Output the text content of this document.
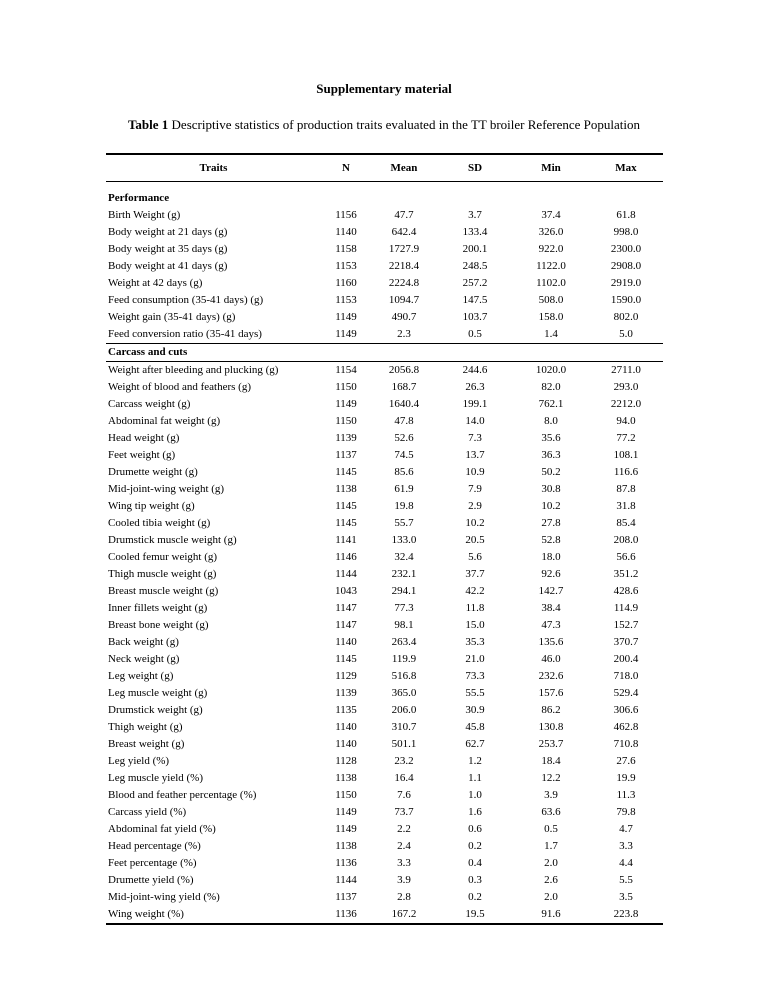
Supplementary material
Table 1 Descriptive statistics of production traits evaluated in the TT broiler Reference Population
Traits	N	Mean	SD	Min	Max
Performance					
Birth Weight (g)	1156	47.7	3.7	37.4	61.8
Body weight at 21 days (g)	1140	642.4	133.4	326.0	998.0
Body weight at 35 days (g)	1158	1727.9	200.1	922.0	2300.0
Body weight at 41 days (g)	1153	2218.4	248.5	1122.0	2908.0
Weight at 42 days (g)	1160	2224.8	257.2	1102.0	2919.0
Feed consumption (35-41 days) (g)	1153	1094.7	147.5	508.0	1590.0
Weight gain (35-41 days) (g)	1149	490.7	103.7	158.0	802.0
Feed conversion ratio (35-41 days)	1149	2.3	0.5	1.4	5.0
Carcass and cuts					
Weight after bleeding and plucking (g)	1154	2056.8	244.6	1020.0	2711.0
Weight of blood and feathers (g)	1150	168.7	26.3	82.0	293.0
Carcass weight (g)	1149	1640.4	199.1	762.1	2212.0
Abdominal fat weight (g)	1150	47.8	14.0	8.0	94.0
Head weight (g)	1139	52.6	7.3	35.6	77.2
Feet weight (g)	1137	74.5	13.7	36.3	108.1
Drumette weight (g)	1145	85.6	10.9	50.2	116.6
Mid-joint-wing weight (g)	1138	61.9	7.9	30.8	87.8
Wing tip weight (g)	1145	19.8	2.9	10.2	31.8
Cooled tibia weight (g)	1145	55.7	10.2	27.8	85.4
Drumstick muscle weight (g)	1141	133.0	20.5	52.8	208.0
Cooled femur weight (g)	1146	32.4	5.6	18.0	56.6
Thigh muscle weight (g)	1144	232.1	37.7	92.6	351.2
Breast muscle weight (g)	1043	294.1	42.2	142.7	428.6
Inner fillets weight (g)	1147	77.3	11.8	38.4	114.9
Breast bone weight (g)	1147	98.1	15.0	47.3	152.7
Back weight (g)	1140	263.4	35.3	135.6	370.7
Neck weight (g)	1145	119.9	21.0	46.0	200.4
Leg weight (g)	1129	516.8	73.3	232.6	718.0
Leg muscle weight (g)	1139	365.0	55.5	157.6	529.4
Drumstick weight (g)	1135	206.0	30.9	86.2	306.6
Thigh weight (g)	1140	310.7	45.8	130.8	462.8
Breast weight (g)	1140	501.1	62.7	253.7	710.8
Leg yield (%)	1128	23.2	1.2	18.4	27.6
Leg muscle yield (%)	1138	16.4	1.1	12.2	19.9
Blood and feather percentage (%)	1150	7.6	1.0	3.9	11.3
Carcass yield (%)	1149	73.7	1.6	63.6	79.8
Abdominal fat yield (%)	1149	2.2	0.6	0.5	4.7
Head percentage (%)	1138	2.4	0.2	1.7	3.3
Feet percentage (%)	1136	3.3	0.4	2.0	4.4
Drumette yield (%)	1144	3.9	0.3	2.6	5.5
Mid-joint-wing yield (%)	1137	2.8	0.2	2.0	3.5
Wing weight (%)	1136	167.2	19.5	91.6	223.8
